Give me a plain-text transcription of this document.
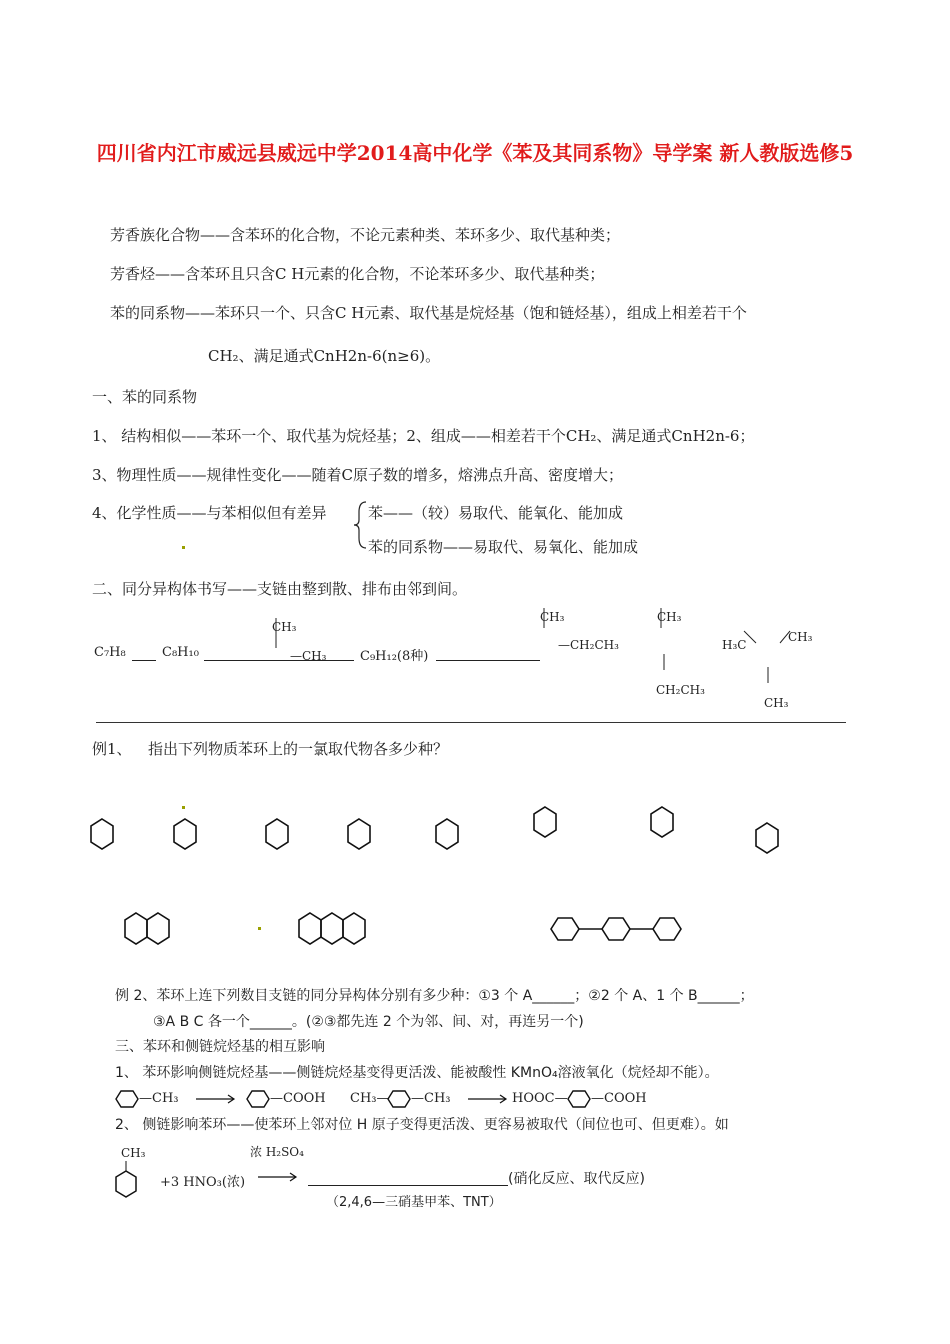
四川省内江市威远县威远中学2014高中化学《苯及其同系物》导学案 新人教版选修5
芳香族化合物——含苯环的化合物，不论元素种类、苯环多少、取代基种类；
芳香烃——含苯环且只含C H元素的化合物，不论苯环多少、取代基种类；
苯的同系物——苯环只一个、只含C H元素、取代基是烷烃基（饱和链烃基），组成上相差若干个
CH₂、满足通式CnH2n-6(n≥6)。
一、苯的同系物
1、 结构相似——苯环一个、取代基为烷烃基；2、组成——相差若干个CH₂、满足通式CnH2n-6；
3、物理性质——规律性变化——随着C原子数的增多，熔沸点升高、密度增大；
4、化学性质——与苯相似但有差异	苯——（较）易取代、能氧化、能加成
苯的同系物——易取代、易氧化、能加成
二、同分异构体书写——支链由整到散、排布由邻到间。
C₇H₈	C₈H₁₀
CH₃
—CH₃	C₉H₁₂(8种)
CH₃
—CH₂CH₃
CH₃
CH₂CH₃
H₃C
CH₃
CH₃
例1、 指出下列物质苯环上的一氯取代物各多少种？
例 2、苯环上连下列数目支链的同分异构体分别有多少种：①3 个 A______；②2 个 A、1 个 B______；
③A B C 各一个______。(②③都先连 2 个为邻、间、对，再连另一个)
三、苯环和侧链烷烃基的相互影响
1、 苯环影响侧链烷烃基——侧链烷烃基变得更活泼、能被酸性 KMnO₄溶液氧化（烷烃却不能）。
—CH₃	—COOH CH₃— —CH₃	HOOC— —COOH
2、 侧链影响苯环——使苯环上邻对位 H 原子变得更活泼、更容易被取代（间位也可、但更难）。如
CH₃
+3 HNO₃(浓)
浓 H₂SO₄
(硝化反应、取代反应)
（2,4,6—三硝基甲苯、TNT）
